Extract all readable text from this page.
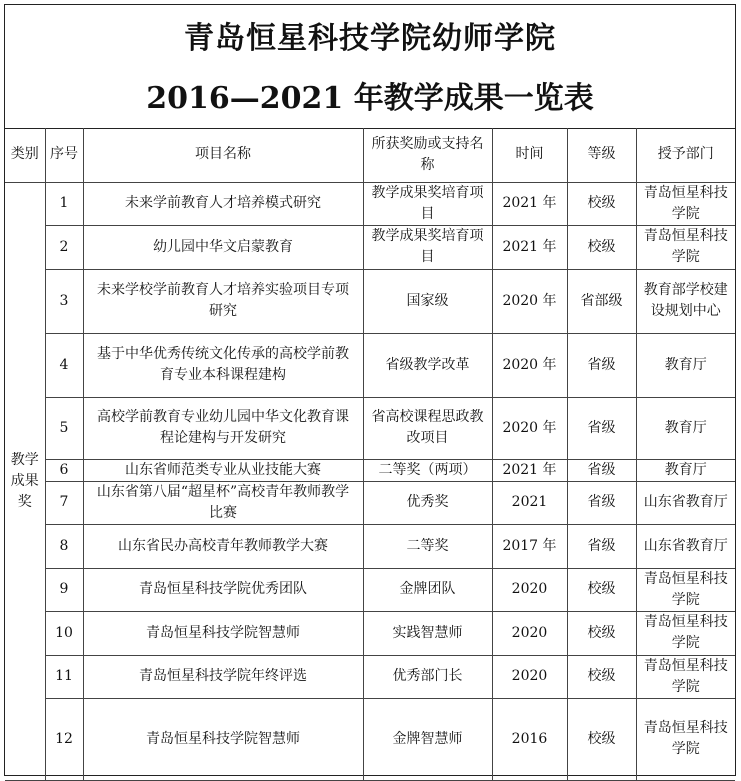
青岛恒星科技学院幼师学院
2016—2021 年教学成果一览表
类别	序号	项目名称	所获奖励或支持名称	时间	等级	授予部门
教学成果奖	1	未来学前教育人才培养模式研究	教学成果奖培育项目	2021 年	校级	青岛恒星科技学院
	2	幼儿园中华文启蒙教育	教学成果奖培育项目	2021 年	校级	青岛恒星科技学院
	3	未来学校学前教育人才培养实验项目专项研究	国家级	2020 年	省部级	教育部学校建设规划中心
	4	基于中华优秀传统文化传承的高校学前教育专业本科课程建构	省级教学改革	2020 年	省级	教育厅
	5	高校学前教育专业幼儿园中华文化教育课程论建构与开发研究	省高校课程思政教改项目	2020 年	省级	教育厅
	6	山东省师范类专业从业技能大赛	二等奖（两项）	2021 年	省级	教育厅
	7	山东省第八届“超星杯”高校青年教师教学比赛	优秀奖	2021	省级	山东省教育厅
	8	山东省民办高校青年教师教学大赛	二等奖	2017 年	省级	山东省教育厅
	9	青岛恒星科技学院优秀团队	金牌团队	2020	校级	青岛恒星科技学院
	10	青岛恒星科技学院智慧师	实践智慧师	2020	校级	青岛恒星科技学院
	11	青岛恒星科技学院年终评选	优秀部门长	2020	校级	青岛恒星科技学院
	12	青岛恒星科技学院智慧师	金牌智慧师	2016	校级	青岛恒星科技学院
